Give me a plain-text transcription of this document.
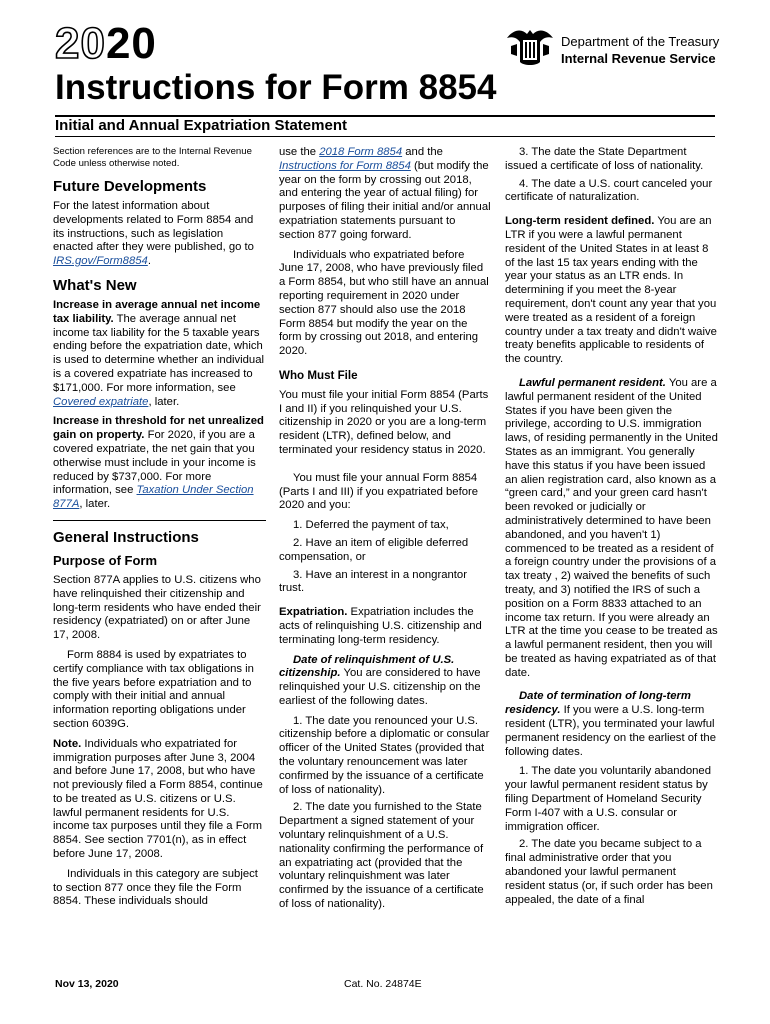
2020
Instructions for Form 8854
Department of the Treasury
Internal Revenue Service
Initial and Annual Expatriation Statement

Section references are to the Internal Revenue Code unless otherwise noted.

Future Developments

For the latest information about developments related to Form 8854 and its instructions, such as legislation enacted after they were published, go to IRS.gov/Form8854.

What's New

Increase in average annual net income tax liability. The average annual net income tax liability for the 5 taxable years ending before the expatriation date, which is used to determine whether an individual is a covered expatriate has increased to $171,000. For more information, see Covered expatriate, later.

Increase in threshold for net unrealized gain on property. For 2020, if you are a covered expatriate, the net gain that you otherwise must include in your income is reduced by $737,000. For more information, see Taxation Under Section 877A, later.

General Instructions
Purpose of Form

Section 877A applies to U.S. citizens who have relinquished their citizenship and long-term residents who have ended their residency (expatriated) on or after June 17, 2008.

Form 8884 is used by expatriates to certify compliance with tax obligations in the five years before expatriation and to comply with their initial and annual information reporting obligations under section 6039G.

Note. Individuals who expatriated for immigration purposes after June 3, 2004 and before June 17, 2008, but who have not previously filed a Form 8854, continue to be treated as U.S. citizens or U.S. lawful permanent residents for U.S. income tax purposes until they file a Form 8854. See section 7701(n), as in effect before June 17, 2008.

Individuals in this category are subject to section 877 once they file the Form 8854. These individuals should

use the 2018 Form 8854 and the Instructions for Form 8854 (but modify the year on the form by crossing out 2018, and entering the year of actual filing) for purposes of filing their initial and/or annual expatriation statements pursuant to section 877 going forward.

Individuals who expatriated before June 17, 2008, who have previously filed a Form 8854, but who still have an annual reporting requirement in 2020 under section 877 should also use the 2018 Form 8854 but modify the year on the form by crossing out 2018, and entering 2020.

Who Must File

You must file your initial Form 8854 (Parts I and II) if you relinquished your U.S. citizenship in 2020 or you are a long-term resident (LTR), defined below, and terminated your residency status in 2020.

You must file your annual Form 8854 (Parts I and III) if you expatriated before 2020 and you:

1. Deferred the payment of tax,

2. Have an item of eligible deferred compensation, or

3. Have an interest in a nongrantor trust.

Expatriation. Expatriation includes the acts of relinquishing U.S. citizenship and terminating long-term residency.

Date of relinquishment of U.S. citizenship. You are considered to have relinquished your U.S. citizenship on the earliest of the following dates.

1. The date you renounced your U.S. citizenship before a diplomatic or consular officer of the United States (provided that the voluntary renouncement was later confirmed by the issuance of a certificate of loss of nationality).

2. The date you furnished to the State Department a signed statement of your voluntary relinquishment of a U.S. nationality confirming the performance of an expatriating act (provided that the voluntary relinquishment was later confirmed by the issuance of a certificate of loss of nationality).

3. The date the State Department issued a certificate of loss of nationality.

4. The date a U.S. court canceled your certificate of naturalization.

Long-term resident defined. You are an LTR if you were a lawful permanent resident of the United States in at least 8 of the last 15 tax years ending with the year your status as an LTR ends. In determining if you meet the 8-year requirement, don't count any year that you were treated as a resident of a foreign country under a tax treaty and didn't waive treaty benefits applicable to residents of the country.

Lawful permanent resident. You are a lawful permanent resident of the United States if you have been given the privilege, according to U.S. immigration laws, of residing permanently in the United States as an immigrant. You generally have this status if you have been issued an alien registration card, also known as a “green card,” and your green card hasn't been revoked or judicially or administratively determined to have been abandoned, and you haven't 1) commenced to be treated as a resident of a foreign country under the provisions of a tax treaty , 2) waived the benefits of such treaty, and 3) notified the IRS of such a position on a Form 8833 attached to an income tax return. If you were already an LTR at the time you cease to be treated as a lawful permanent resident, then you will be treated as having expatriated as of that date.

Date of termination of long-term residency. If you were a U.S. long-term resident (LTR), you terminated your lawful permanent residency on the earliest of the following dates.

1. The date you voluntarily abandoned your lawful permanent resident status by filing Department of Homeland Security Form I-407 with a U.S. consular or immigration officer.

2. The date you became subject to a final administrative order that you abandoned your lawful permanent resident status (or, if such order has been appealed, the date of a final

Nov 13, 2020	Cat. No. 24874E
